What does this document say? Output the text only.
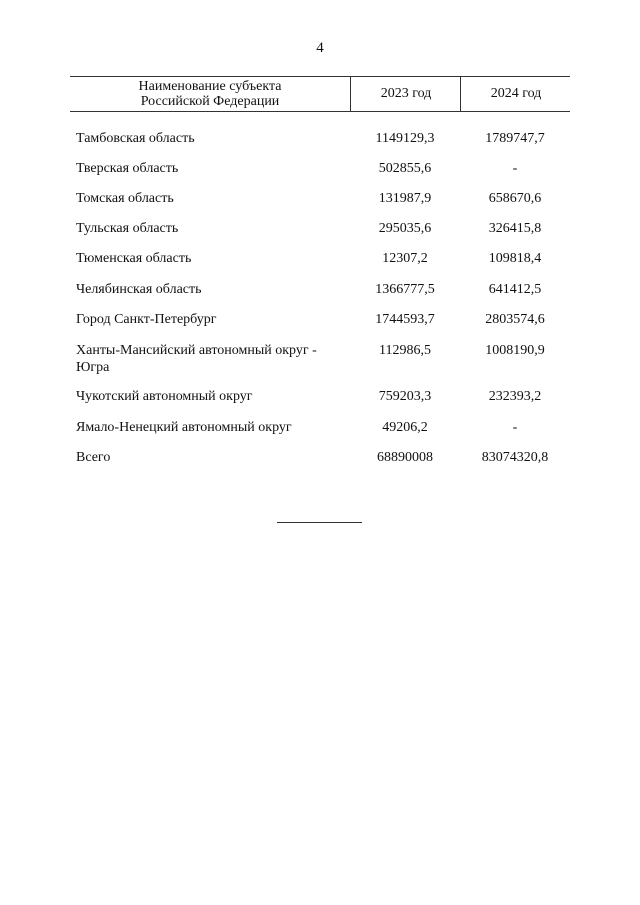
4
Наименование субъекта
Российской Федерации
2023 год	2024 год
Тамбовская область	1149129,3	1789747,7
Тверская область	502855,6	-
Томская область	131987,9	658670,6
Тульская область	295035,6	326415,8
Тюменская область	12307,2	109818,4
Челябинская область	1366777,5	641412,5
Город Санкт-Петербург	1744593,7	2803574,6
Ханты-Мансийский автономный округ -
Югра
112986,5	1008190,9
Чукотский автономный округ	759203,3	232393,2
Ямало-Ненецкий автономный округ	49206,2	-
Всего	68890008	83074320,8
